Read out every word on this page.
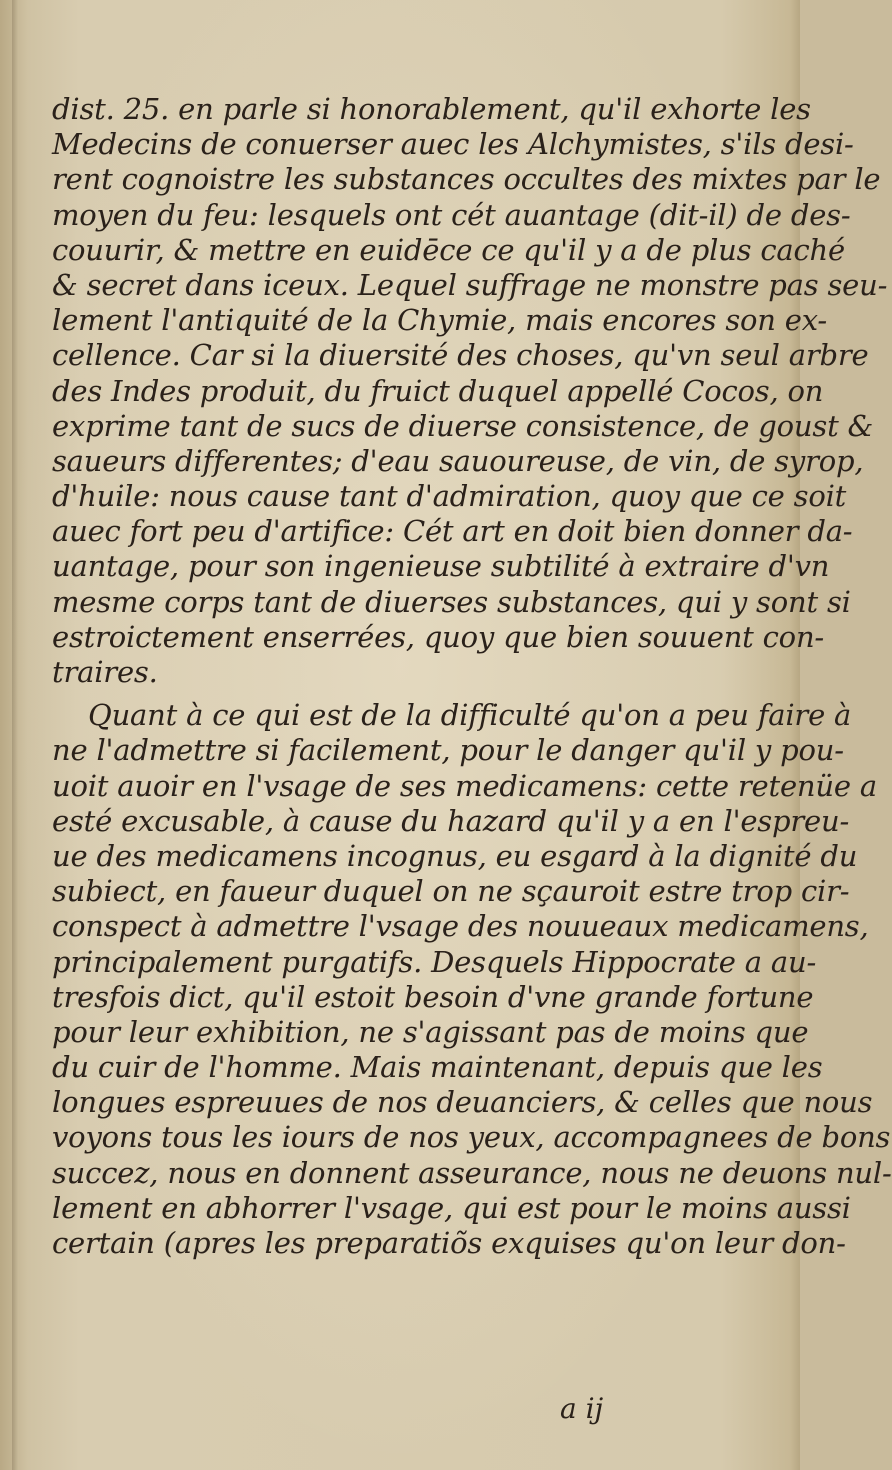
dist. 25. en parle si honorablement, qu'il exhorte les
Medecins de conuerser auec les Alchymistes, s'ils desi-
rent cognoistre les substances occultes des mixtes par le
moyen du feu: lesquels ont cét auantage (dit-il) de des-
couurir, & mettre en euidēce ce qu'il y a de plus caché
& secret dans iceux. Lequel suffrage ne monstre pas seu-
lement l'antiquité de la Chymie, mais encores son ex-
cellence. Car si la diuersité des choses, qu'vn seul arbre
des Indes produit, du fruict duquel appellé Cocos, on
exprime tant de sucs de diuerse consistence, de goust &
saueurs differentes; d'eau sauoureuse, de vin, de syrop,
d'huile: nous cause tant d'admiration, quoy que ce soit
auec fort peu d'artifice: Cét art en doit bien donner da-
uantage, pour son ingenieuse subtilité à extraire d'vn
mesme corps tant de diuerses substances, qui y sont si
estroictement enserrées, quoy que bien souuent con-
traires.
Quant à ce qui est de la difficulté qu'on a peu faire à
ne l'admettre si facilement, pour le danger qu'il y pou-
uoit auoir en l'vsage de ses medicamens: cette retenüe a
esté excusable, à cause du hazard qu'il y a en l'espreu-
ue des medicamens incognus, eu esgard à la dignité du
subiect, en faueur duquel on ne sçauroit estre trop cir-
conspect à admettre l'vsage des nouueaux medicamens,
principalement purgatifs. Desquels Hippocrate a au-
tresfois dict, qu'il estoit besoin d'vne grande fortune
pour leur exhibition, ne s'agissant pas de moins que
du cuir de l'homme. Mais maintenant, depuis que les
longues espreuues de nos deuanciers, & celles que nous
voyons tous les iours de nos yeux, accompagnees de bons
succez, nous en donnent asseurance, nous ne deuons nul-
lement en abhorrer l'vsage, qui est pour le moins aussi
certain (apres les preparatiõs exquises qu'on leur don-
a ij
